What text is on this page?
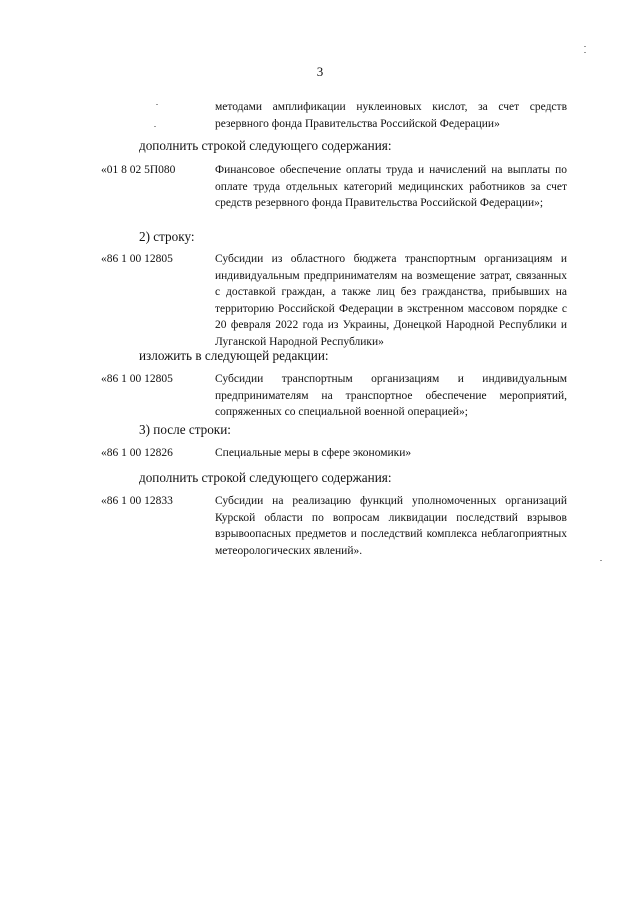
3
методами амплификации нуклеиновых кислот, за счет средств резервного фонда Правительства Российской Федерации»
дополнить строкой следующего содержания:
«01 8 02 5П080	Финансовое обеспечение оплаты труда и начислений на выплаты по оплате труда отдельных категорий медицинских работников за счет средств резервного фонда Правительства Российской Федерации»;
2) строку:
«86 1 00 12805	Субсидии из областного бюджета транспортным организациям и индивидуальным предпринимателям на возмещение затрат, связанных с доставкой граждан, а также лиц без гражданства, прибывших на территорию Российской Федерации в экстренном массовом порядке с 20 февраля 2022 года из Украины, Донецкой Народной Республики и Луганской Народной Республики»
изложить в следующей редакции:
«86 1 00 12805	Субсидии транспортным организациям и индивидуальным предпринимателям на транспортное обеспечение мероприятий, сопряженных со специальной военной операцией»;
3) после строки:
«86 1 00 12826	Специальные меры в сфере экономики»
дополнить строкой следующего содержания:
«86 1 00 12833	Субсидии на реализацию функций уполномоченных организаций Курской области по вопросам ликвидации последствий взрывов взрывоопасных предметов и последствий комплекса неблагоприятных метеорологических явлений».
